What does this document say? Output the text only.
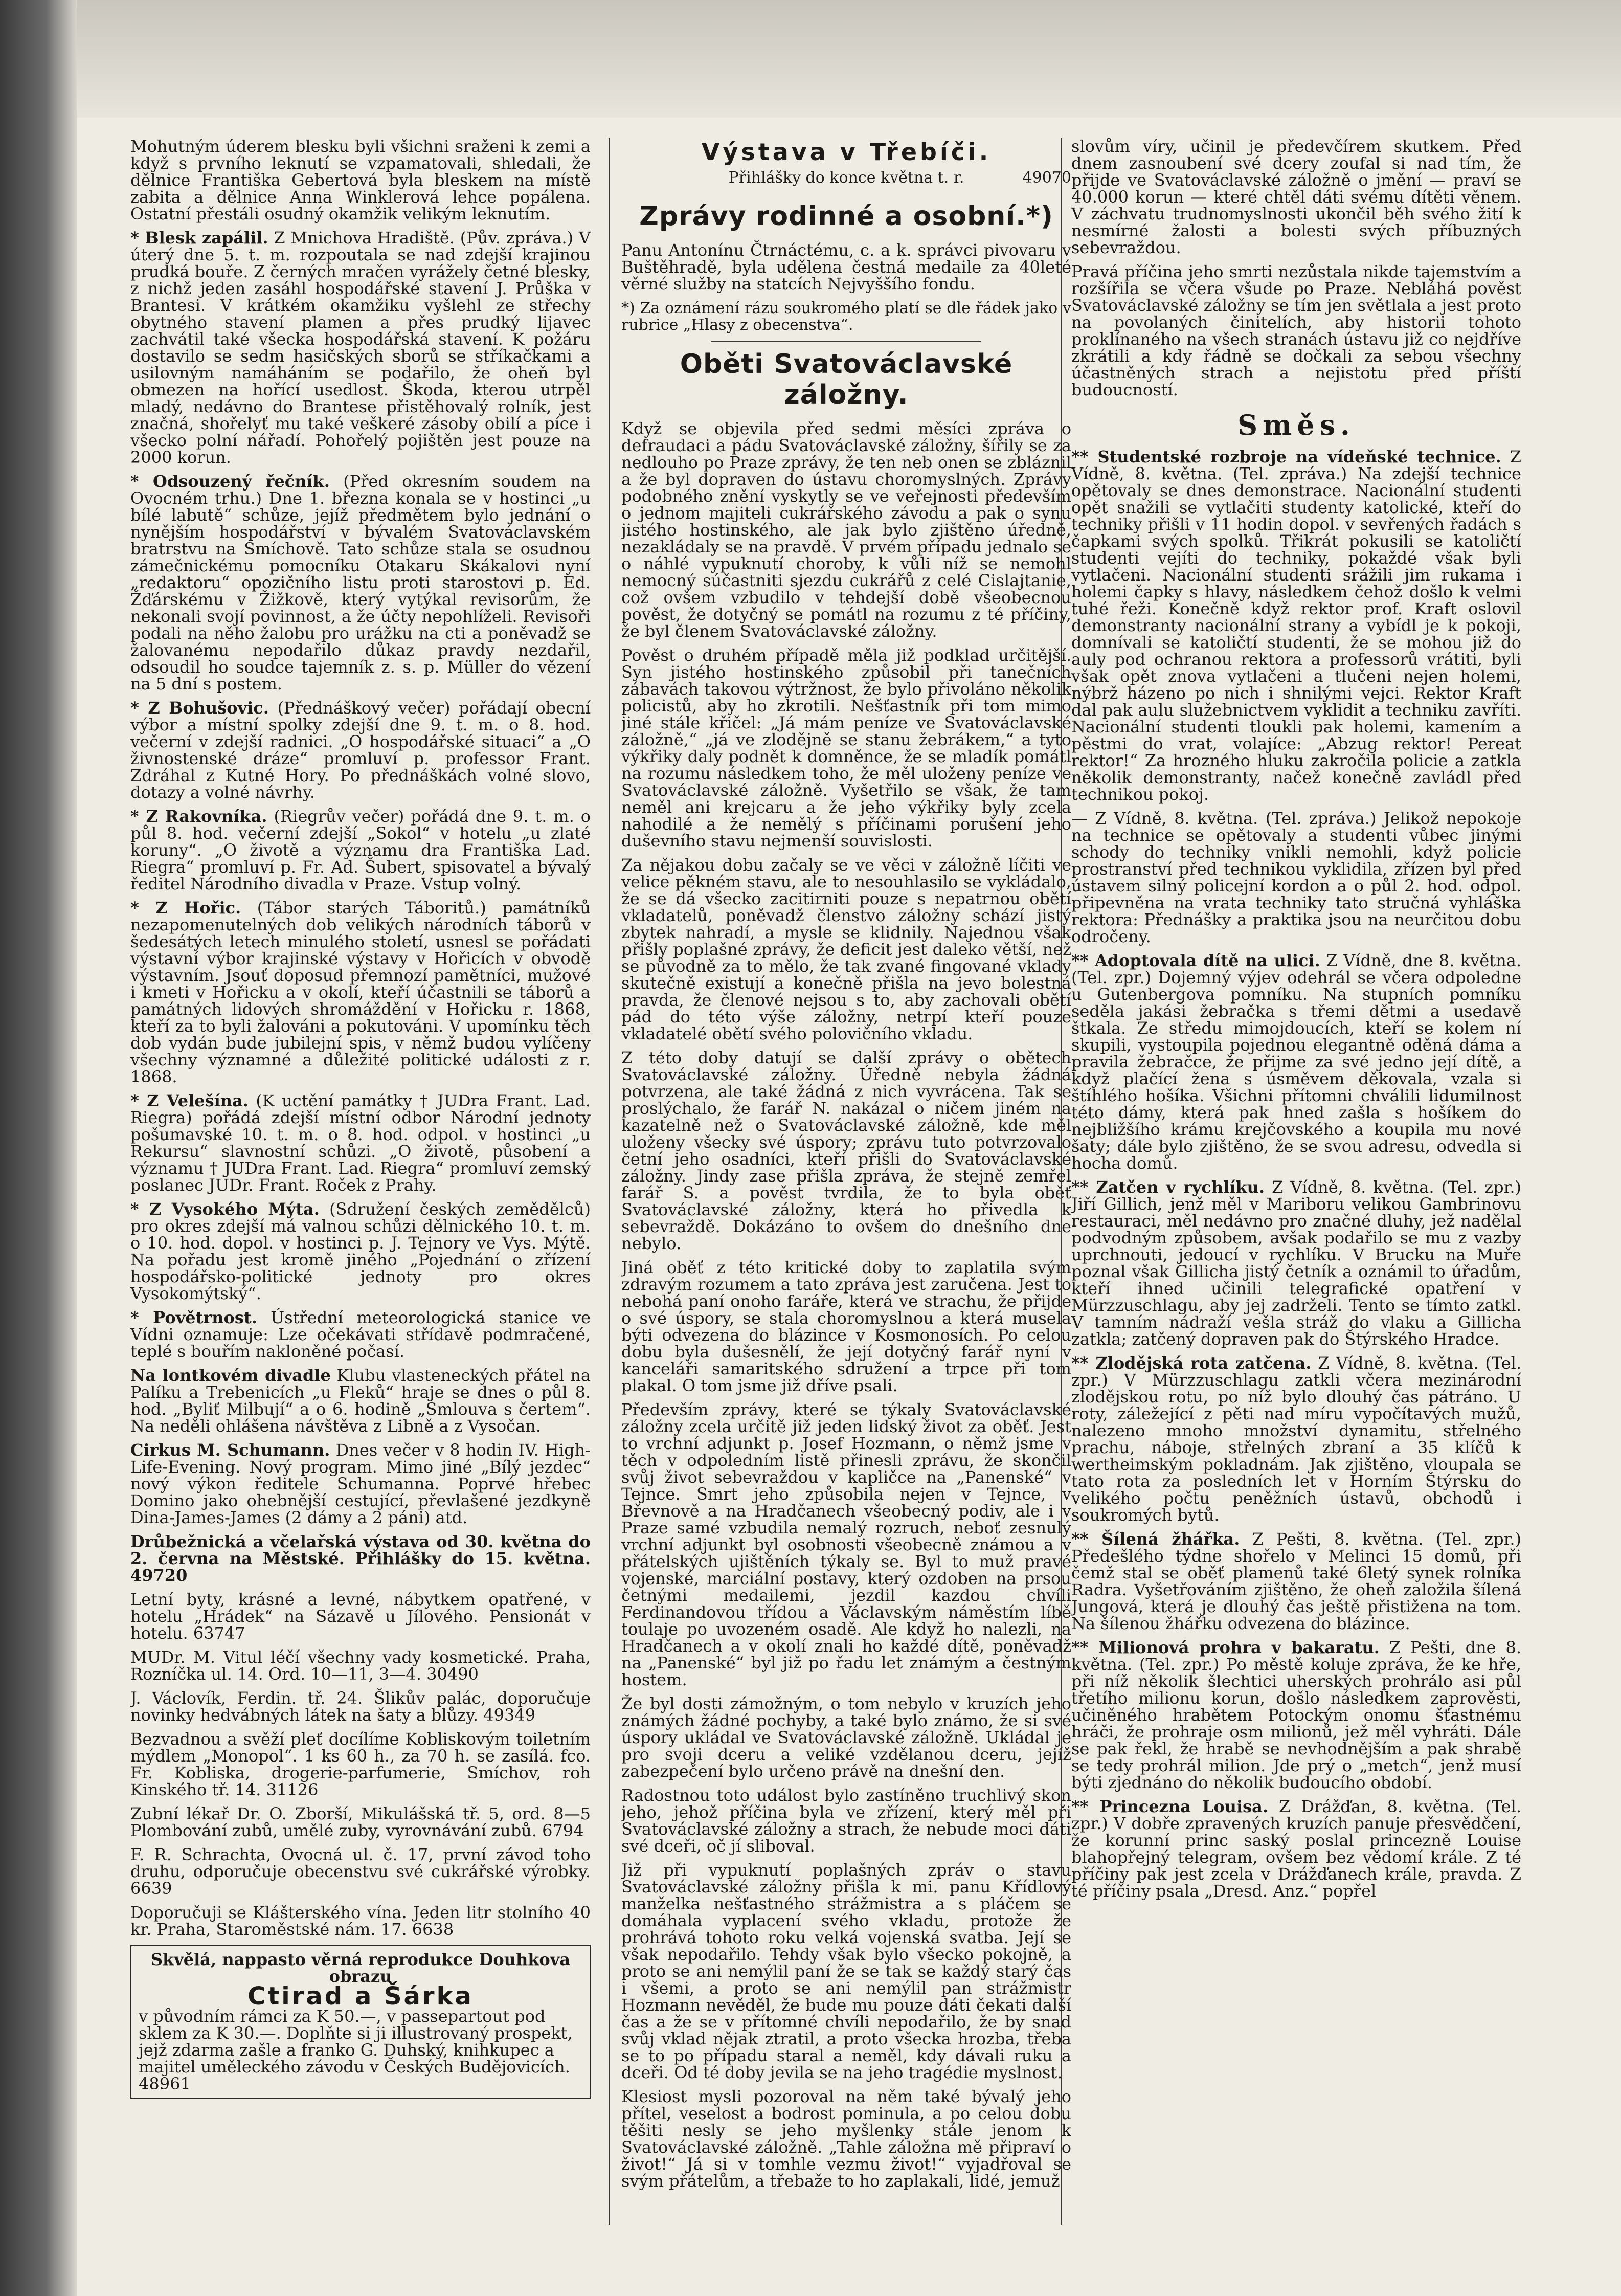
Mohutným úderem blesku byli všichni sraženi k zemi a když s prvního leknutí se vzpamatovali, shledali, že dělnice Františka Gebertová byla bleskem na místě zabita a dělnice Anna Winklerová lehce popálena. Ostatní přestáli osudný okamžik velikým leknutím.

* Blesk zapálil. Z Mnichova Hradiště. (Pův. zpráva.) V úterý dne 5. t. m. rozpoutala se nad zdejší krajinou prudká bouře. Z černých mračen vyrážely četné blesky, z nichž jeden zasáhl hospodářské stavení J. Průška v Brantesi. V krátkém okamžiku vyšlehl ze střechy obytného stavení plamen a přes prudký lijavec zachvátil také všecka hospodářská stavení. K požáru dostavilo se sedm hasičských sborů se stříkačkami a usilovným namáháním se podařilo, že oheň byl obmezen na hořící usedlost. Škoda, kterou utrpěl mladý, nedávno do Brantese přistěhovalý rolník, jest značná, shořelyť mu také veškeré zásoby obilí a píce i všecko polní nářadí. Pohořelý pojištěn jest pouze na 2000 korun.

* Odsouzený řečník. (Před okresním soudem na Ovocném trhu.) Dne 1. března konala se v hostinci „u bílé labutě“ schůze, jejíž předmětem bylo jednání o nynějším hospodářství v bývalém Svatováclavském bratrstvu na Smíchově. Tato schůze stala se osudnou zámečnickému pomocníku Otakaru Skákalovi nyní „redaktoru“ opozičního listu proti starostovi p. Ed. Žďárskému v Žižkově, který vytýkal revisorům, že nekonali svojí povinnost, a že účty nepohlíželi. Revisoři podali na něho žalobu pro urážku na cti a poněvadž se žalovanému nepodařilo důkaz pravdy nezdařil, odsoudil ho soudce tajemník z. s. p. Müller do vězení na 5 dní s postem.

* Z Bohušovic. (Přednáškový večer) pořádají obecní výbor a místní spolky zdejší dne 9. t. m. o 8. hod. večerní v zdejší radnici. „O hospodářské situaci“ a „O živnostenské dráze“ promluví p. professor Frant. Zdráhal z Kutné Hory. Po přednáškách volné slovo, dotazy a volné návrhy.

* Z Rakovníka. (Riegrův večer) pořádá dne 9. t. m. o půl 8. hod. večerní zdejší „Sokol“ v hotelu „u zlaté koruny“. „O životě a významu dra Františka Lad. Riegra“ promluví p. Fr. Ad. Šubert, spisovatel a bývalý ředitel Národního divadla v Praze. Vstup volný.

* Z Hořic. (Tábor starých Táboritů.) památníků nezapomenutelných dob velikých národních táborů v šedesátých letech minulého století, usnesl se pořádati výstavní výbor krajinské výstavy v Hořicích v obvodě výstavním. Jsouť doposud přemnozí pamětníci, mužové i kmeti v Hořicku a v okolí, kteří účastnili se táborů a památných lidových shromáždění v Hořicku r. 1868, kteří za to byli žalováni a pokutováni. V upomínku těch dob vydán bude jubilejní spis, v němž budou vylíčeny všechny významné a důležité politické události z r. 1868.

* Z Velešína. (K uctění památky † JUDra Frant. Lad. Riegra) pořádá zdejší místní odbor Národní jednoty pošumavské 10. t. m. o 8. hod. odpol. v hostinci „u Rekursu“ slavnostní schůzi. „O životě, působení a významu † JUDra Frant. Lad. Riegra“ promluví zemský poslanec JUDr. Frant. Roček z Prahy.

* Z Vysokého Mýta. (Sdružení českých zemědělců) pro okres zdejší má valnou schůzi dělnického 10. t. m. o 10. hod. dopol. v hostinci p. J. Tejnory ve Vys. Mýtě. Na pořadu jest kromě jiného „Pojednání o zřízení hospodářsko-politické jednoty pro okres Vysokomýtský“.

* Povětrnost. Ústřední meteorologická stanice ve Vídni oznamuje: Lze očekávati střídavě podmračené, teplé s bouřím nakloněné počasí.

Na lontkovém divadle Klubu vlasteneckých přátel na Palíku a Trebenicích „u Fleků“ hraje se dnes o půl 8. hod. „Byliť Milbují“ a o 6. hodině „Smlouva s čertem“. Na neděli ohlášena návštěva z Libně a z Vysočan.

Cirkus M. Schumann. Dnes večer v 8 hodin IV. High-Life-Evening. Nový program. Mimo jiné „Bílý jezdec“ nový výkon ředitele Schumanna. Poprvé hřebec Domino jako ohebnější cestující, převlašené jezdkyně Dina-James-James (2 dámy a 2 páni) atd.

Drůbežnická a včelařská výstava od 30. května do 2. června na Městské. Přihlášky do 15. května. 49720

Letní byty, krásné a levné, nábytkem opatřené, v hotelu „Hrádek“ na Sázavě u Jílového. Pensionát v hotelu. 63747

MUDr. M. Vitul léčí všechny vady kosmetické. Praha, Rozníčka ul. 14. Ord. 10—11, 3—4. 30490

J. Václovík, Ferdin. tř. 24. Šlikův palác, doporučuje novinky hedvábných látek na šaty a blůzy. 49349

Bezvadnou a svěží pleť docílíme Kobliskovým toiletním mýdlem „Monopol“. 1 ks 60 h., za 70 h. se zasílá. fco. Fr. Kobliska, drogerie-parfumerie, Smíchov, roh Kinského tř. 14. 31126

Zubní lékař Dr. O. Zborší, Mikulášská tř. 5, ord. 8—5 Plombování zubů, umělé zuby, vyrovnávání zubů. 6794

F. R. Schrachta, Ovocná ul. č. 17, první závod toho druhu, odporučuje obecenstvu své cukrářské výrobky. 6639

Doporučuji se Klášterského vína. Jeden litr stolního 40 kr. Praha, Staroměstské nám. 17. 6638

Skvělá, nappasto věrná reprodukce Douhkova obrazu
Ctirad a Šárka
v původním rámci za K 50.—, v passepartout pod sklem za K 30.—. Doplňte si ji illustrovaný prospekt, jejž zdarma zašle a franko G. Duhský, knihkupec a majitel uměleckého závodu v Českých Budějovicích. 48961
Výstava v Třebíči.
Přihlášky do konce května t. r.	49070
Zprávy rodinné a osobní.*)

Panu Antonínu Čtrnáctému, c. a k. správci pivovaru v Buštěhradě, byla udělena čestná medaile za 40leté věrné služby na statcích Nejvyššího fondu.

*) Za oznámení rázu soukromého platí se dle řádek jako v rubrice „Hlasy z obecenstva“.

Oběti Svatováclavské záložny.

Když se objevila před sedmi měsíci zpráva o defraudaci a pádu Svatováclavské záložny, šířily se za nedlouho po Praze zprávy, že ten neb onen se zbláznil a že byl dopraven do ústavu choromyslných. Zprávy podobného znění vyskytly se ve veřejnosti především o jednom majiteli cukrářského závodu a pak o synu jistého hostinského, ale jak bylo zjištěno úředně, nezakládaly se na pravdě. V prvém případu jednalo se o náhlé vypuknutí choroby, k vůli níž se nemohl nemocný súčastniti sjezdu cukrářů z celé Cislajtanie, což ovšem vzbudilo v tehdejší době všeobecnou pověst, že dotyčný se pomátl na rozumu z té příčiny, že byl členem Svatováclavské záložny.

Pověst o druhém případě měla již podklad určitější. Syn jistého hostinského způsobil při tanečních zábavách takovou výtržnost, že bylo přivoláno několik policistů, aby ho zkrotili. Nešťastník při tom mimo jiné stále křičel: „Já mám peníze ve Svatováclavské záložně,“ „já ve zlodějně se stanu žebrákem,“ a tyto výkřiky daly podnět k domněnce, že se mladík pomátl na rozumu následkem toho, že měl uloženy peníze ve Svatováclavské záložně. Vyšetřilo se však, že tam neměl ani krejcaru a že jeho výkřiky byly zcela nahodilé a že nemělý s příčinami porušení jeho duševního stavu nejmenší souvislosti.

Za nějakou dobu začaly se ve věci v záložně líčiti ve velice pěkném stavu, ale to nesouhlasilo se vykládalo, že se dá všecko zacitirniti pouze s nepatrnou obětí vkladatelů, poněvadž členstvo záložny schází jistý zbytek nahradí, a mysle se klidnily. Najednou však přišly poplašné zprávy, že deficit jest daleko větší, než se původně za to mělo, že tak zvané fingované vklady skutečně existují a konečně přišla na jevo bolestná pravda, že členové nejsou s to, aby zachovali obětí pád do této výše záložny, netrpí kteří pouze vkladatelé obětí svého polovičního vkladu.

Z této doby datují se další zprávy o obětech Svatováclavské záložny. Úředně nebyla žádná potvrzena, ale také žádná z nich vyvrácena. Tak se proslýchalo, že farář N. nakázal o ničem jiném na kazatelně než o Svatováclavské záložně, kde měl uloženy všecky své úspory; zprávu tuto potvrzovalo četní jeho osadníci, kteří přišli do Svatováclavské záložny. Jindy zase přišla zpráva, že stejně zemřel farář S. a pověst tvrdila, že to byla oběť Svatováclavské záložny, která ho přivedla k sebevraždě. Dokázáno to ovšem do dnešního dne nebylo.

Jiná oběť z této kritické doby to zaplatila svým zdravým rozumem a tato zpráva jest zaručena. Jest to nebohá paní onoho faráře, která ve strachu, že přijde o své úspory, se stala choromyslnou a která musela býti odvezena do blázince v Kosmonosích. Po celou dobu byla dušesnělí, že její dotyčný farář nyní v kanceláři samaritského sdružení a trpce při tom plakal. O tom jsme již dříve psali.

Především zprávy, které se týkaly Svatováclavské záložny zcela určitě již jeden lidský život za oběť. Jest to vrchní adjunkt p. Josef Hozmann, o němž jsme v těch v odpoledním listě přinesli zprávu, že skončil svůj život sebevraždou v kapličce na „Panenské“ v Tejnce. Smrt jeho způsobila nejen v Tejnce, v Břevnově a na Hradčanech všeobecný podiv, ale i v Praze samé vzbudila nemalý rozruch, neboť zesnulý vrchní adjunkt byl osobnosti všeobecně známou a v přátelských ujištěních týkaly se. Byl to muž pravé vojenské, marciální postavy, který ozdoben na prsou četnými medailemi, jezdil kazdou chvíli Ferdinandovou třídou a Václavským náměstím líbě toulaje po uvozeném osadě. Ale když ho nalezli, na Hradčanech a v okolí znali ho každé dítě, poněvadž na „Panenské“ byl již po řadu let známým a čestným hostem.

Že byl dosti zámožným, o tom nebylo v kruzích jeho známých žádné pochyby, a také bylo známo, že si své úspory ukládal ve Svatováclavské záložně. Ukládal je pro svoji dceru a veliké vzdělanou dceru, jejíž zabezpečení bylo určeno právě na dnešní den.

Radostnou toto událost bylo zastíněno truchlivý skon jeho, jehož příčina byla ve zřízení, který měl při Svatováclavské záložny a strach, že nebude moci dáti své dceři, oč jí sliboval.

Již při vypuknutí poplašných zpráv o stavu Svatováclavské záložny přišla k mi. panu Křídlový manželka nešťastného strážmistra a s pláčem se domáhala vyplacení svého vkladu, protože že prohrává tohoto roku velká vojenská svatba. Její se však nepodařilo. Tehdy však bylo všecko pokojně, a proto se ani nemýlil paní že se tak se každý starý čas i všemi, a proto se ani nemýlil pan strážmistr Hozmann nevěděl, že bude mu pouze dáti čekati další čas a že se v přítomné chvíli nepodařilo, že by snad svůj vklad nějak ztratil, a proto všecka hrozba, třeba se to po případu staral a neměl, kdy dávali ruku a dceři. Od té doby jevila se na jeho tragédie myslnost.

Klesiost mysli pozoroval na něm také bývalý jeho přítel, veselost a bodrost pominula, a po celou dobu těšiti nesly se jeho myšlenky stále jenom k Svatováclavské záložně. „Tahle záložna mě připraví o život!“ Já si v tomhle vezmu život!“ vyjadřoval se svým přátelům, a třebaže to ho zaplakali, lidé, jemuž

slovům víry, učinil je předevčírem skutkem. Před dnem zasnoubení své dcery zoufal si nad tím, že přijde ve Svatováclavské záložně o jmění — praví se 40.000 korun — které chtěl dáti svému dítěti věnem. V záchvatu trudnomyslnosti ukončil běh svého žití k nesmírné žalosti a bolesti svých příbuzných sebevraždou.

Pravá příčina jeho smrti nezůstala nikde tajemstvím a rozšířila se včera všude po Praze. Nebláhá pověst Svatováclavské záložny se tím jen světlala a jest proto na povolaných činitelích, aby historii tohoto proklínaného na všech stranách ústavu již co nejdříve zkrátili a kdy řádně se dočkali za sebou všechny účastněných strach a nejistotu před příští budoucností.

Směs.

** Studentské rozbroje na vídeňské technice. Z Vídně, 8. května. (Tel. zpráva.) Na zdejší technice opětovaly se dnes demonstrace. Nacionální studenti opět snažili se vytlačiti studenty katolické, kteří do techniky přišli v 11 hodin dopol. v sevřených řadách s čapkami svých spolků. Třikrát pokusili se katoličtí studenti vejíti do techniky, pokaždé však byli vytlačeni. Nacionální studenti srážili jim rukama i holemi čapky s hlavy, následkem čehož došlo k velmi tuhé řeži. Konečně když rektor prof. Kraft oslovil demonstranty nacionální strany a vybídl je k pokoji, domnívali se katoličtí studenti, že se mohou již do auly pod ochranou rektora a professorů vrátiti, byli však opět znova vytlačeni a tlučeni nejen holemi, nýbrž házeno po nich i shnilými vejci. Rektor Kraft dal pak aulu služebnictvem vyklidit a techniku zavříti. Nacionální studenti tloukli pak holemi, kamením a pěstmi do vrat, volajíce: „Abzug rektor! Pereat rektor!“ Za hrozného hluku zakročila policie a zatkla několik demonstranty, načež konečně zavládl před technikou pokoj.

— Z Vídně, 8. května. (Tel. zpráva.) Jelikož nepokoje na technice se opětovaly a studenti vůbec jinými schody do techniky vnikli nemohli, když policie prostranství před technikou vyklidila, zřízen byl před ústavem silný policejní kordon a o půl 2. hod. odpol. připevněna na vrata techniky tato stručná vyhláška rektora: Přednášky a praktika jsou na neurčitou dobu odročeny.

** Adoptovala dítě na ulici. Z Vídně, dne 8. května. (Tel. zpr.) Dojemný výjev odehrál se včera odpoledne u Gutenbergova pomníku. Na stupních pomníku seděla jakási žebračka s třemi dětmi a usedavě štkala. Ze středu mimojdoucích, kteří se kolem ní skupili, vystoupila pojednou elegantně oděná dáma a pravila žebračce, že přijme za své jedno její dítě, a když plačící žena s úsměvem děkovala, vzala si štíhlého hošíka. Všichni přítomni chválili lidumilnost této dámy, která pak hned zašla s hošíkem do nejbližšího krámu krejčovského a koupila mu nové šaty; dále bylo zjištěno, že se svou adresu, odvedla si hocha domů.

** Zatčen v rychlíku. Z Vídně, 8. května. (Tel. zpr.) Jiří Gillich, jenž měl v Mariboru velikou Gambrinovu restauraci, měl nedávno pro značné dluhy, jež nadělal podvodným způsobem, avšak podařilo se mu z vazby uprchnouti, jedoucí v rychlíku. V Brucku na Muře poznal však Gillicha jistý četník a oznámil to úřadům, kteří ihned učinili telegrafické opatření v Mürzzuschlagu, aby jej zadrželi. Tento se tímto zatkl. V tamním nádraží vešla stráž do vlaku a Gillicha zatkla; zatčený dopraven pak do Štýrského Hradce.

** Zlodějská rota zatčena. Z Vídně, 8. května. (Tel. zpr.) V Mürzzuschlagu zatkli včera mezinárodní zlodějskou rotu, po níž bylo dlouhý čas pátráno. U roty, záležející z pěti nad míru vypočítavých mužů, nalezeno mnoho množství dynamitu, střelného prachu, náboje, střelných zbraní a 35 klíčů k wertheimským pokladnám. Jak zjištěno, vloupala se tato rota za posledních let v Horním Štýrsku do velikého počtu peněžních ústavů, obchodů i soukromých bytů.

** Šílená žhářka. Z Pešti, 8. května. (Tel. zpr.) Předešlého týdne shořelo v Melinci 15 domů, při čemž stal se oběť plamenů také 6letý synek rolníka Radra. Vyšetřováním zjištěno, že oheň založila šílená Jungová, která je dlouhý čas ještě přistižena na tom. Na šílenou žhářku odvezena do blázince.

** Milionová prohra v bakaratu. Z Pešti, dne 8. května. (Tel. zpr.) Po městě koluje zpráva, že ke hře, při níž několik šlechtici uherských prohrálo asi půl třetího milionu korun, došlo následkem zaprověsti, učiněného hrabětem Potockým onomu šťastnému hráči, že prohraje osm milionů, jež měl vyhráti. Dále se pak řekl, že hrabě se nevhodnějším a pak shrabě se tedy prohrál milion. Jde prý o „metch“, jenž musí býti zjednáno do několik budoucího období.

** Princezna Louisa. Z Drážďan, 8. května. (Tel. zpr.) V dobře zpravených kruzích panuje přesvědčení, že korunní princ saský poslal princezně Louise blahopřejný telegram, ovšem bez vědomí krále. Z té příčiny pak jest zcela v Drážďanech krále, pravda. Z té příčiny psala „Dresd. Anz.“ popřel
